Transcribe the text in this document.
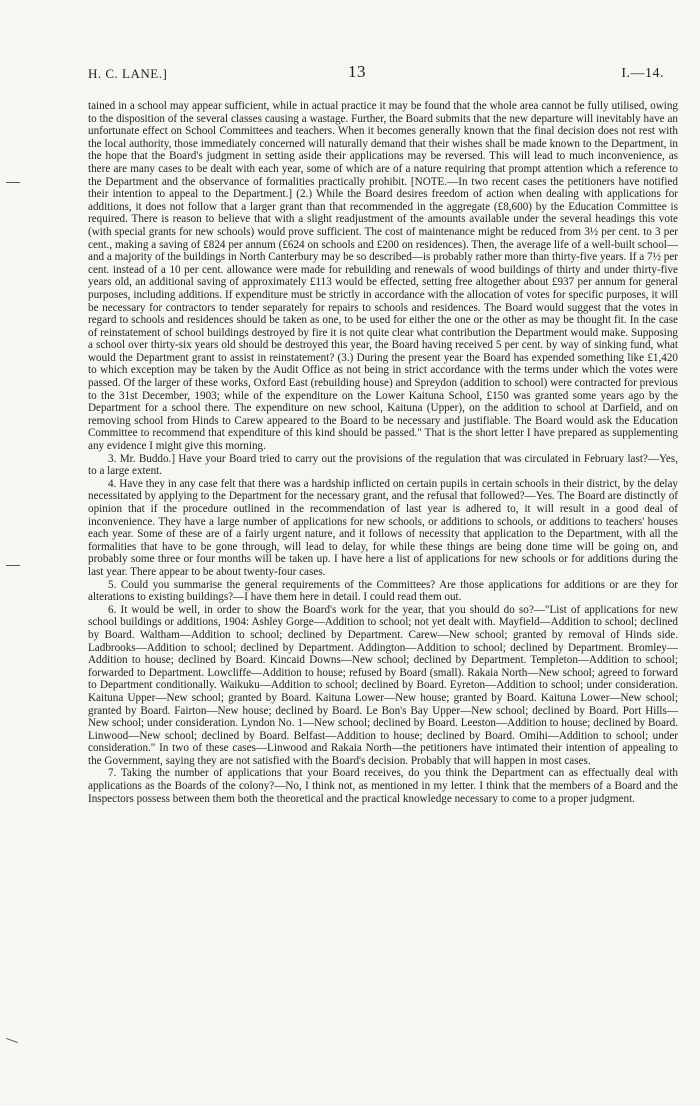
H. C. LANE.]	13	I.—14.

tained in a school may appear sufficient, while in actual practice it may be found that the whole area cannot be fully utilised, owing to the disposition of the several classes causing a wastage. Further, the Board submits that the new departure will inevitably have an unfortunate effect on School Committees and teachers. When it becomes generally known that the final decision does not rest with the local authority, those immediately concerned will naturally demand that their wishes shall be made known to the Department, in the hope that the Board's judgment in setting aside their applications may be reversed. This will lead to much inconvenience, as there are many cases to be dealt with each year, some of which are of a nature requiring that prompt attention which a reference to the Department and the observance of formalities practically prohibit. [NOTE.—In two recent cases the petitioners have notified their intention to appeal to the Department.] (2.) While the Board desires freedom of action when dealing with applications for additions, it does not follow that a larger grant than that recommended in the aggregate (£8,600) by the Education Committee is required. There is reason to believe that with a slight readjustment of the amounts available under the several headings this vote (with special grants for new schools) would prove sufficient. The cost of maintenance might be reduced from 3½ per cent. to 3 per cent., making a saving of £824 per annum (£624 on schools and £200 on residences). Then, the average life of a well-built school—and a majority of the buildings in North Canterbury may be so described—is probably rather more than thirty-five years. If a 7½ per cent. instead of a 10 per cent. allowance were made for rebuilding and renewals of wood buildings of thirty and under thirty-five years old, an additional saving of approximately £113 would be effected, setting free altogether about £937 per annum for general purposes, including additions. If expenditure must be strictly in accordance with the allocation of votes for specific purposes, it will be necessary for contractors to tender separately for repairs to schools and residences. The Board would suggest that the votes in regard to schools and residences should be taken as one, to be used for either the one or the other as may be thought fit. In the case of reinstatement of school buildings destroyed by fire it is not quite clear what contribution the Department would make. Supposing a school over thirty-six years old should be destroyed this year, the Board having received 5 per cent. by way of sinking fund, what would the Department grant to assist in reinstatement? (3.) During the present year the Board has expended something like £1,420 to which exception may be taken by the Audit Office as not being in strict accordance with the terms under which the votes were passed. Of the larger of these works, Oxford East (rebuilding house) and Spreydon (addition to school) were contracted for previous to the 31st December, 1903; while of the expenditure on the Lower Kaituna School, £150 was granted some years ago by the Department for a school there. The expenditure on new school, Kaituna (Upper), on the addition to school at Darfield, and on removing school from Hinds to Carew appeared to the Board to be necessary and justifiable. The Board would ask the Education Committee to recommend that expenditure of this kind should be passed." That is the short letter I have prepared as supplementing any evidence I might give this morning.

3. Mr. Buddo.] Have your Board tried to carry out the provisions of the regulation that was circulated in February last?—Yes, to a large extent.

4. Have they in any case felt that there was a hardship inflicted on certain pupils in certain schools in their district, by the delay necessitated by applying to the Department for the necessary grant, and the refusal that followed?—Yes. The Board are distinctly of opinion that if the procedure outlined in the recommendation of last year is adhered to, it will result in a good deal of inconvenience. They have a large number of applications for new schools, or additions to schools, or additions to teachers' houses each year. Some of these are of a fairly urgent nature, and it follows of necessity that application to the Department, with all the formalities that have to be gone through, will lead to delay, for while these things are being done time will be going on, and probably some three or four months will be taken up. I have here a list of applications for new schools or for additions during the last year. There appear to be about twenty-four cases.

5. Could you summarise the general requirements of the Committees? Are those applications for additions or are they for alterations to existing buildings?—I have them here in detail. I could read them out.

6. It would be well, in order to show the Board's work for the year, that you should do so?—"List of applications for new school buildings or additions, 1904: Ashley Gorge—Addition to school; not yet dealt with. Mayfield—Addition to school; declined by Board. Waltham—Addition to school; declined by Department. Carew—New school; granted by removal of Hinds side. Ladbrooks—Addition to school; declined by Department. Addington—Addition to school; declined by Department. Bromley—Addition to house; declined by Board. Kincaid Downs—New school; declined by Department. Templeton—Addition to school; forwarded to Department. Lowcliffe—Addition to house; refused by Board (small). Rakaia North—New school; agreed to forward to Department conditionally. Waikuku—Addition to school; declined by Board. Eyreton—Addition to school; under consideration. Kaituna Upper—New school; granted by Board. Kaituna Lower—New house; granted by Board. Kaituna Lower—New school; granted by Board. Fairton—New house; declined by Board. Le Bon's Bay Upper—New school; declined by Board. Port Hills—New school; under consideration. Lyndon No. 1—New school; declined by Board. Leeston—Addition to house; declined by Board. Linwood—New school; declined by Board. Belfast—Addition to house; declined by Board. Omihi—Addition to school; under consideration." In two of these cases—Linwood and Rakaia North—the petitioners have intimated their intention of appealing to the Government, saying they are not satisfied with the Board's decision. Probably that will happen in most cases.

7. Taking the number of applications that your Board receives, do you think the Department can as effectually deal with applications as the Boards of the colony?—No, I think not, as mentioned in my letter. I think that the members of a Board and the Inspectors possess between them both the theoretical and the practical knowledge necessary to come to a proper judgment.
